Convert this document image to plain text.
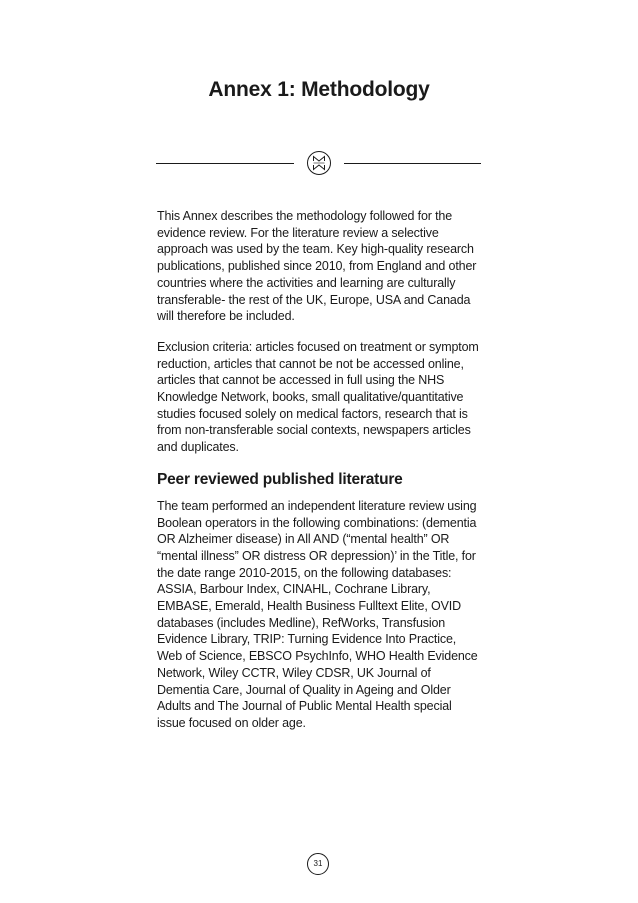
Annex 1: Methodology

This Annex describes the methodology followed for the evidence review. For the literature review a selective approach was used by the team. Key high-quality research publications, published since 2010, from England and other countries where the activities and learning are culturally transferable- the rest of the UK, Europe, USA and Canada will therefore be included.

Exclusion criteria: articles focused on treatment or symptom reduction, articles that cannot be not be accessed online, articles that cannot be accessed in full using the NHS Knowledge Network, books, small qualitative/quantitative studies focused solely on medical factors, research that is from non-transferable social contexts, newspapers articles and duplicates.

Peer reviewed published literature

The team performed an independent literature review using Boolean operators in the following combinations: (dementia OR Alzheimer disease) in All AND (“mental health” OR “mental illness” OR distress OR depression)’ in the Title, for the date range 2010-2015, on the following databases:

ASSIA, Barbour Index, CINAHL, Cochrane Library, EMBASE, Emerald, Health Business Fulltext Elite, OVID databases (includes Medline), RefWorks, Transfusion Evidence Library, TRIP: Turning Evidence Into Practice, Web of Science, EBSCO PsychInfo, WHO Health Evidence Network, Wiley CCTR, Wiley CDSR, UK Journal of Dementia Care, Journal of Quality in Ageing and Older Adults and The Journal of Public Mental Health special issue focused on older age.

31
